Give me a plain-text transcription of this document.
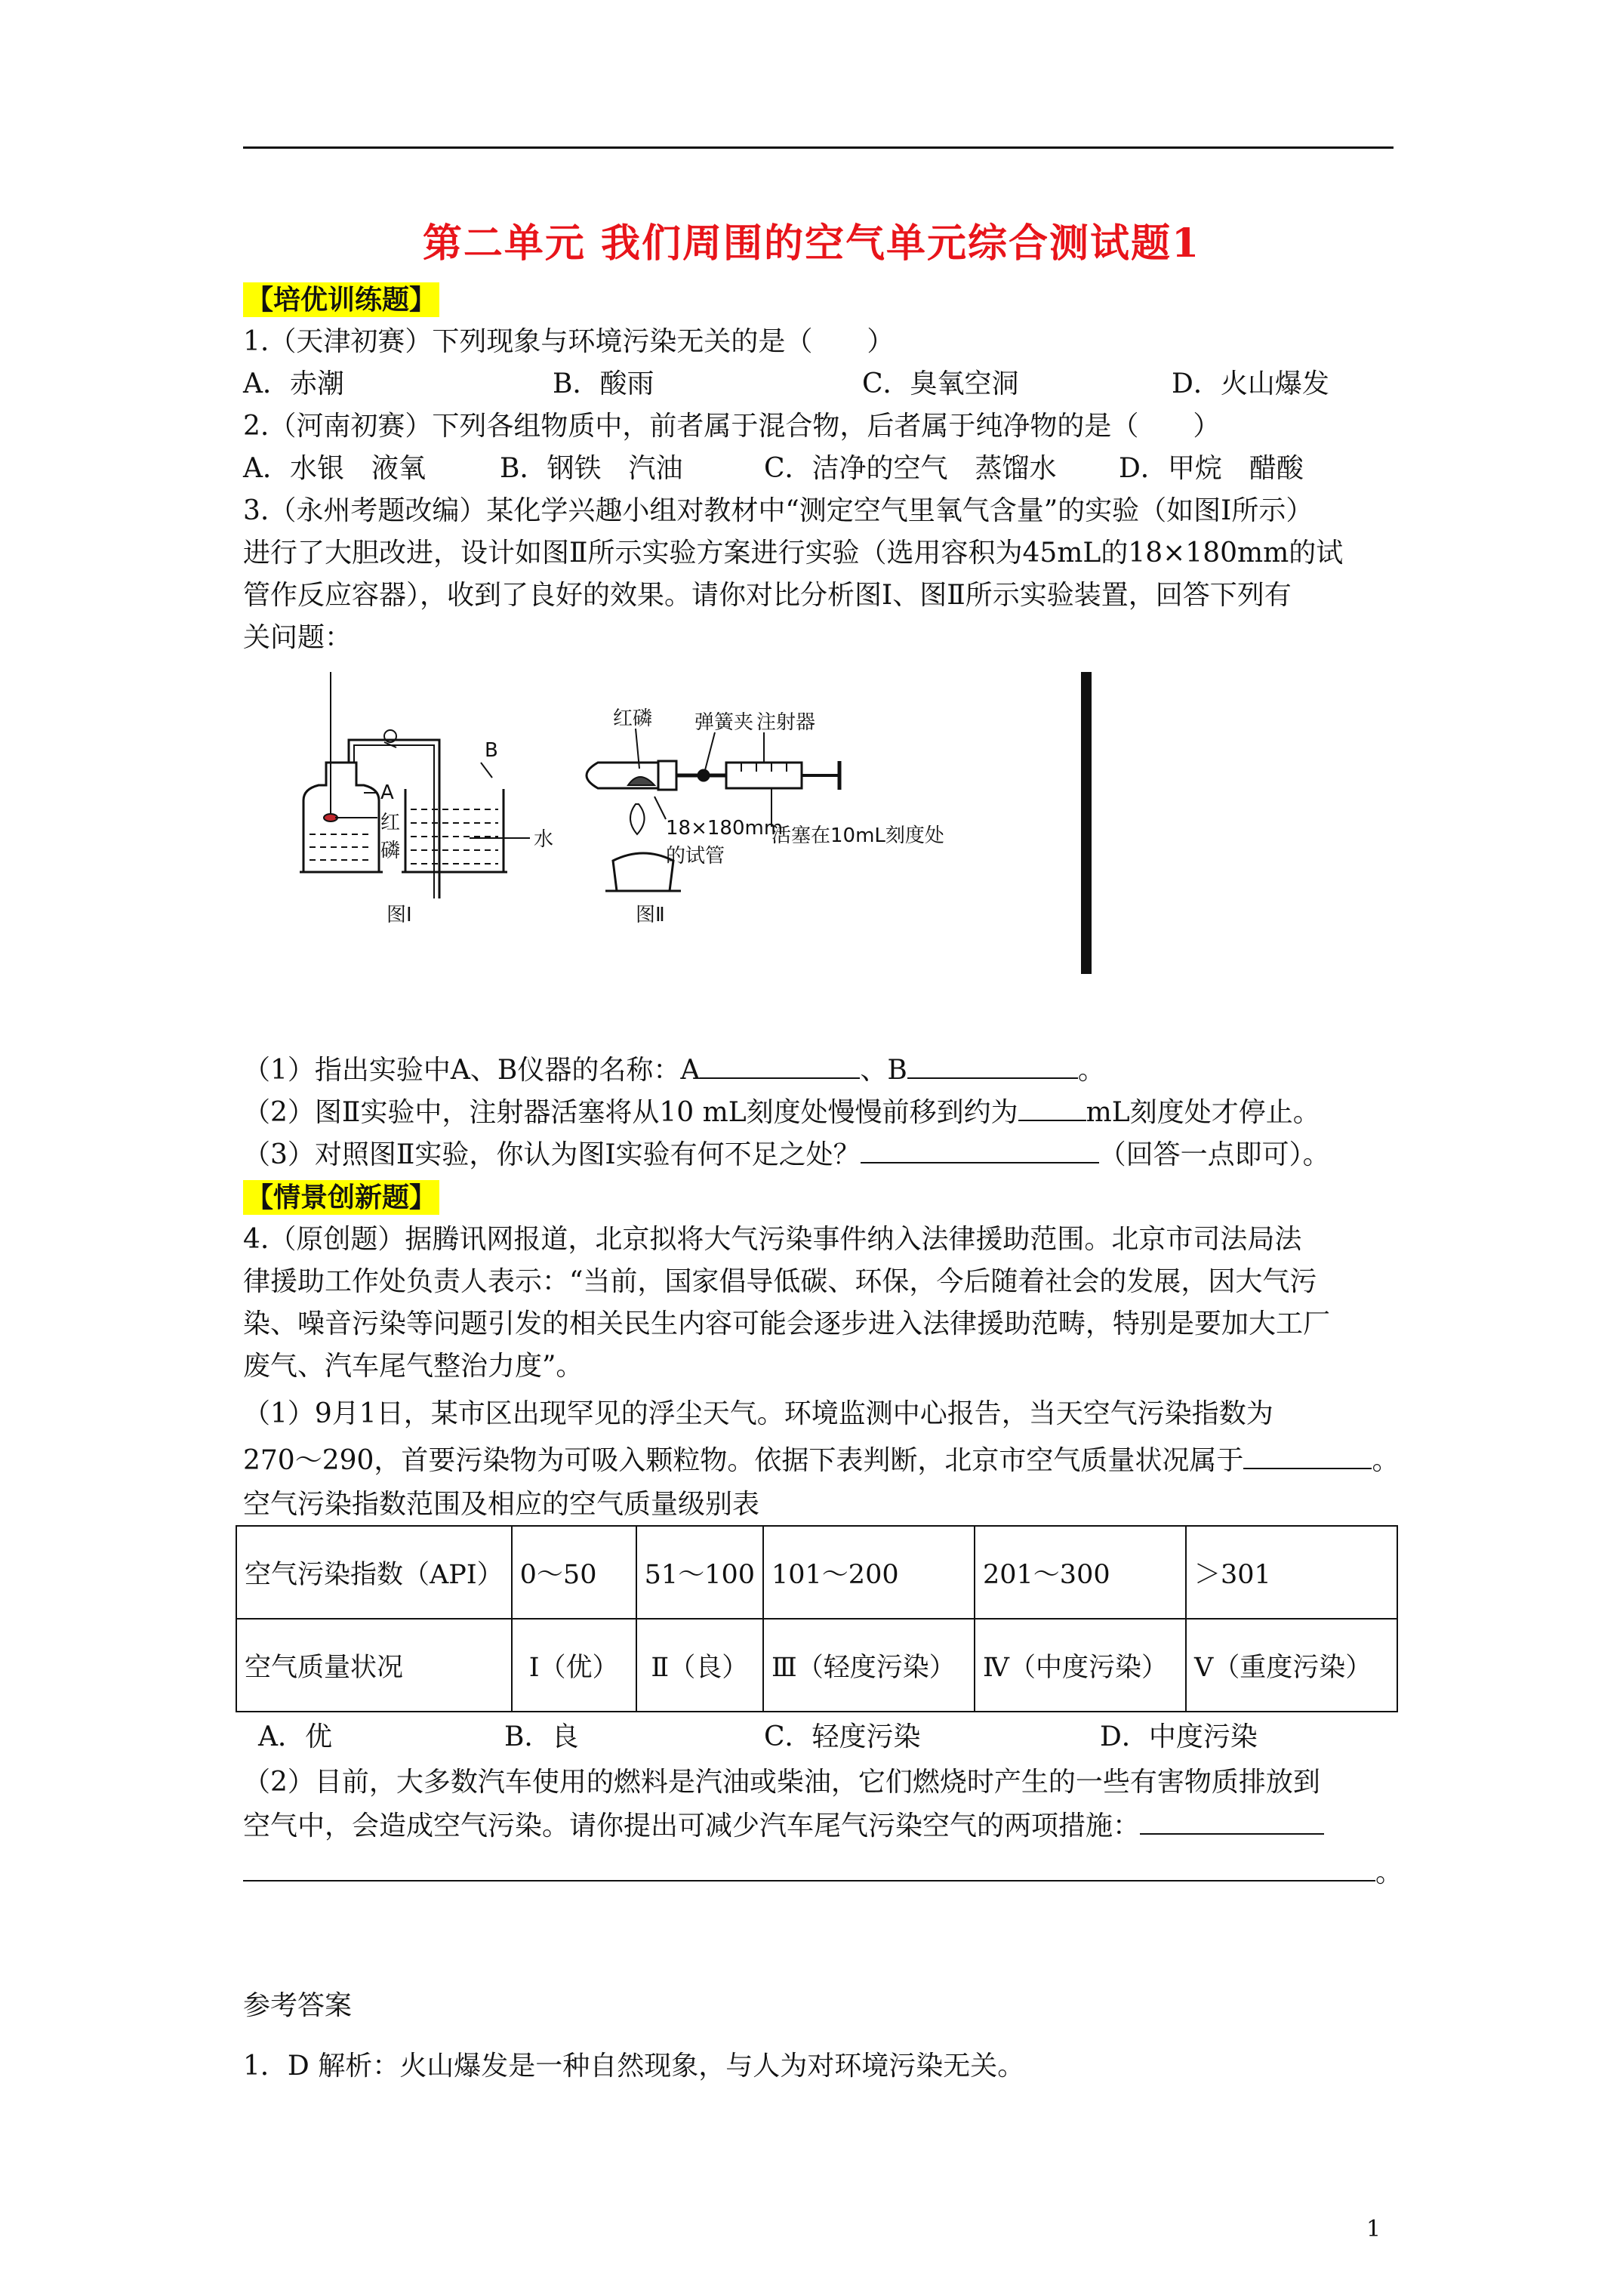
第二单元 我们周围的空气单元综合测试题1
【培优训练题】
1.（天津初赛）下列现象与环境污染无关的是（　　）
A．赤潮	B．酸雨	C．臭氧空洞	D．火山爆发
2.（河南初赛）下列各组物质中，前者属于混合物，后者属于纯净物的是（　　）
A．水银　液氧	B．钢铁　汽油	C．洁净的空气　蒸馏水 D．甲烷　醋酸
3.（永州考题改编）某化学兴趣小组对教材中“测定空气里氧气含量”的实验（如图Ⅰ所示）
进行了大胆改进，设计如图Ⅱ所示实验方案进行实验（选用容积为45mL的18×180mm的试
管作反应容器），收到了良好的效果。请你对比分析图Ⅰ、图Ⅱ所示实验装置，回答下列有
关问题：
A
B
红
磷	水
图Ⅰ
红磷 弹簧夹 注射器
18×180mm
的试管
活塞在10mL刻度处
图Ⅱ
（1）指出实验中A、B仪器的名称：A	、B	。
（2）图Ⅱ实验中，注射器活塞将从10 mL刻度处慢慢前移到约为	mL刻度处才停止。
（3）对照图Ⅱ实验，你认为图Ⅰ实验有何不足之处？	（回答一点即可）。
【情景创新题】
4.（原创题）据腾讯网报道，北京拟将大气污染事件纳入法律援助范围。北京市司法局法
律援助工作处负责人表示：“当前，国家倡导低碳、环保，今后随着社会的发展，因大气污
染、噪音污染等问题引发的相关民生内容可能会逐步进入法律援助范畴，特别是要加大工厂
废气、汽车尾气整治力度”。
（1）9月1日，某市区出现罕见的浮尘天气。环境监测中心报告，当天空气污染指数为
270～290，首要污染物为可吸入颗粒物。依据下表判断，北京市空气质量状况属于	。
空气污染指数范围及相应的空气质量级别表
空气污染指数（API）	0～50	51～100	101～200	201～300	＞301
空气质量状况	Ⅰ（优）	Ⅱ（良）	Ⅲ（轻度污染）	Ⅳ（中度污染）	Ⅴ（重度污染）
A．优	B．良	C．轻度污染	D．中度污染
（2）目前，大多数汽车使用的燃料是汽油或柴油，它们燃烧时产生的一些有害物质排放到
空气中，会造成空气污染。请你提出可减少汽车尾气污染空气的两项措施：
。
参考答案
1．D 解析：火山爆发是一种自然现象，与人为对环境污染无关。
1
